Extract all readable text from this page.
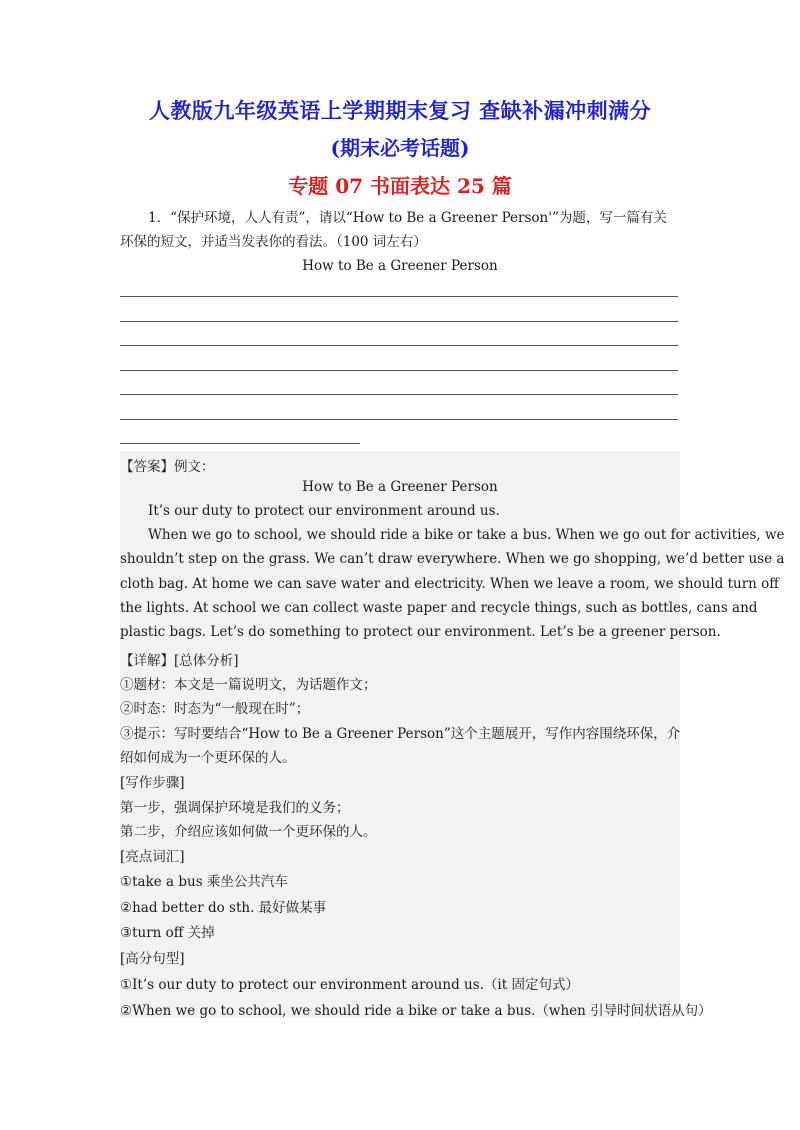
人教版九年级英语上学期期末复习 查缺补漏冲刺满分
(期末必考话题)
专题 07 书面表达 25 篇
1．“保护环境，人人有责”，请以“How to Be a Greener Person'”为题，写一篇有关
环保的短文，并适当发表你的看法。（100 词左右）
How to Be a Greener Person
【答案】例文：
How to Be a Greener Person
It’s our duty to protect our environment around us.
When we go to school, we should ride a bike or take a bus. When we go out for activities, we
shouldn’t step on the grass. We can’t draw everywhere. When we go shopping, we’d better use a
cloth bag. At home we can save water and electricity. When we leave a room, we should turn off
the lights. At school we can collect waste paper and recycle things, such as bottles, cans and
plastic bags. Let’s do something to protect our environment. Let’s be a greener person.
【详解】[总体分析]
①题材：本文是一篇说明文，为话题作文；
②时态：时态为“一般现在时”；
③提示：写时要结合“How to Be a Greener Person”这个主题展开，写作内容围绕环保，介
绍如何成为一个更环保的人。
[写作步骤]
第一步，强调保护环境是我们的义务；
第二步，介绍应该如何做一个更环保的人。
[亮点词汇]
①take a bus 乘坐公共汽车
②had better do sth. 最好做某事
③turn off 关掉
[高分句型]
①It’s our duty to protect our environment around us.（it 固定句式）
②When we go to school, we should ride a bike or take a bus.（when 引导时间状语从句）
